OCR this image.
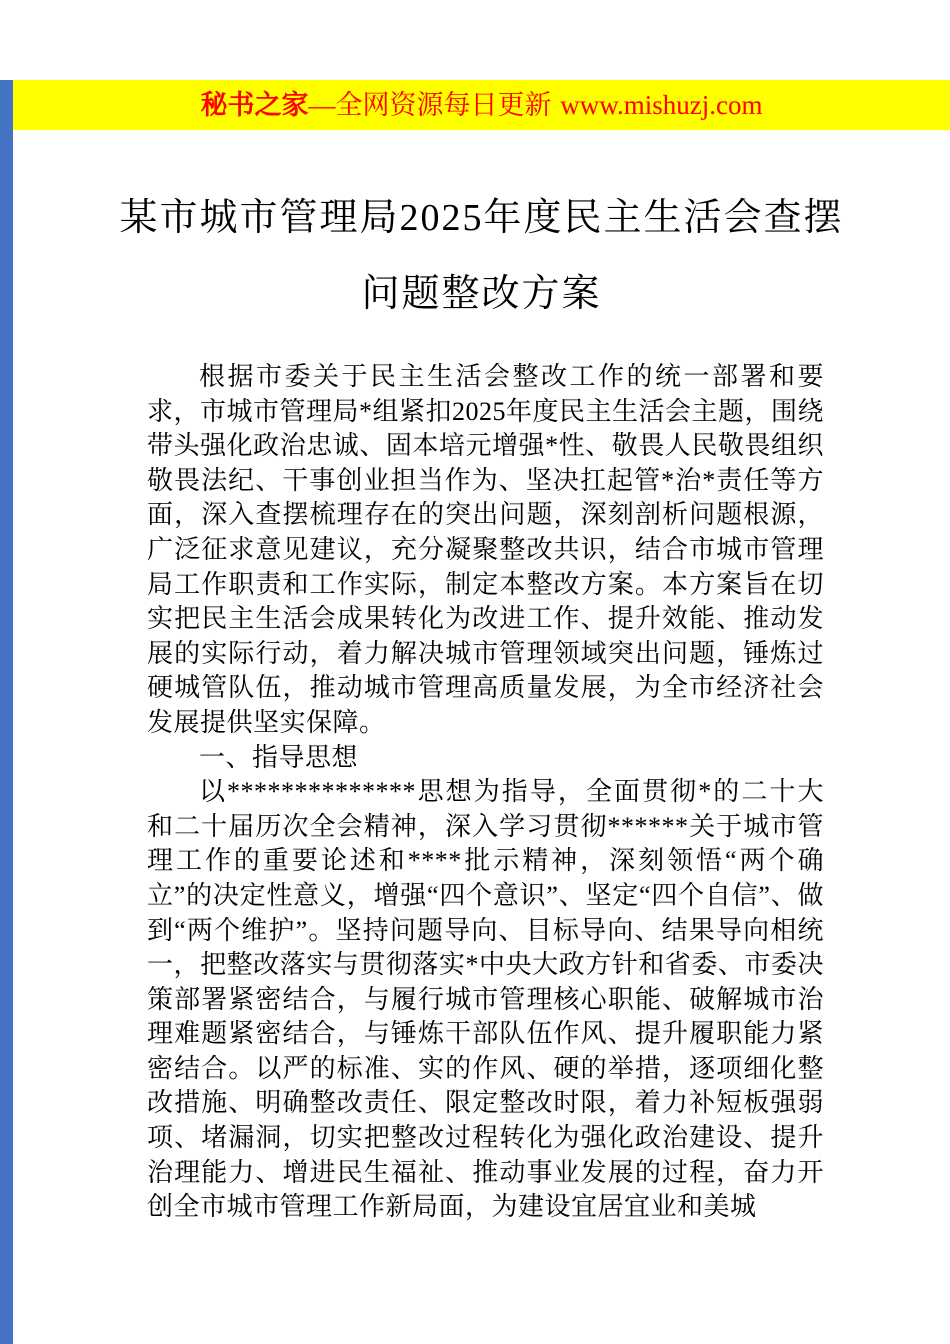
秘书之家—全网资源每日更新 www.mishuzj.com
某市城市管理局2025年度民主生活会查摆
问题整改方案

根据市委关于民主生活会整改工作的统一部署和要求，市城市管理局*组紧扣2025年度民主生活会主题，围绕带头强化政治忠诚、固本培元增强*性、敬畏人民敬畏组织敬畏法纪、干事创业担当作为、坚决扛起管*治*责任等方面，深入查摆梳理存在的突出问题，深刻剖析问题根源，广泛征求意见建议，充分凝聚整改共识，结合市城市管理局工作职责和工作实际，制定本整改方案。本方案旨在切实把民主生活会成果转化为改进工作、提升效能、推动发展的实际行动，着力解决城市管理领域突出问题，锤炼过硬城管队伍，推动城市管理高质量发展，为全市经济社会发展提供坚实保障。

一、指导思想

以**************思想为指导，全面贯彻*的二十大和二十届历次全会精神，深入学习贯彻******关于城市管理工作的重要论述和****批示精神，深刻领悟“两个确立”的决定性意义，增强“四个意识”、坚定“四个自信”、做到“两个维护”。坚持问题导向、目标导向、结果导向相统一，把整改落实与贯彻落实*中央大政方针和省委、市委决策部署紧密结合，与履行城市管理核心职能、破解城市治理难题紧密结合，与锤炼干部队伍作风、提升履职能力紧密结合。以严的标准、实的作风、硬的举措，逐项细化整改措施、明确整改责任、限定整改时限，着力补短板强弱项、堵漏洞，切实把整改过程转化为强化政治建设、提升治理能力、增进民生福祉、推动事业发展的过程，奋力开创全市城市管理工作新局面，为建设宜居宜业和美城
